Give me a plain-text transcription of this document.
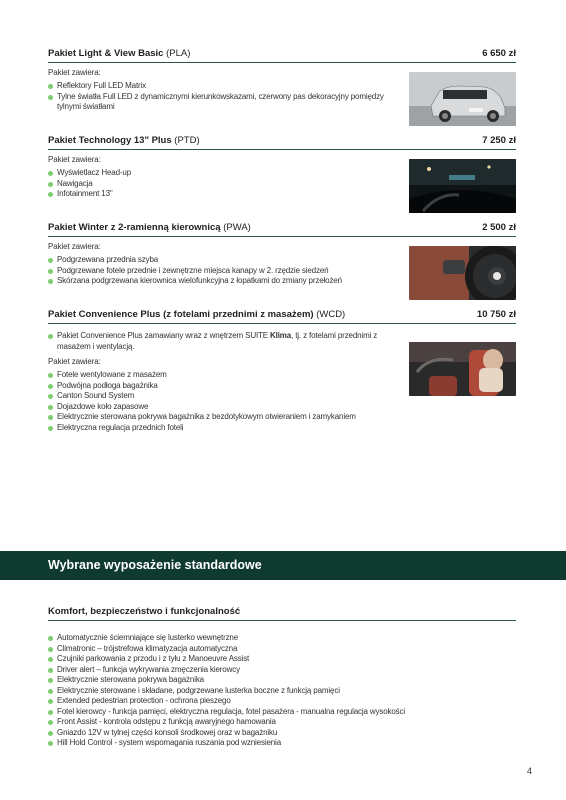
Pakiet Light & View Basic (PLA)	6 650 zł
Pakiet zawiera:
Reflektory Full LED Matrix
Tylne światła Full LED z dynamicznymi kierunkowskazami, czerwony pas dekoracyjny pomiędzy tylnymi światłami
Pakiet Technology 13" Plus (PTD)	7 250 zł
Pakiet zawiera:
Wyświetlacz Head-up
Nawigacja
Infotainment 13"
Pakiet Winter z 2-ramienną kierownicą (PWA)	2 500 zł
Pakiet zawiera:
Podgrzewana przednia szyba
Podgrzewane fotele przednie i zewnętrzne miejsca kanapy w 2. rzędzie siedzeń
Skórzana podgrzewana kierownica wielofunkcyjna z łopatkami do zmiany przełożeń
Pakiet Convenience Plus (z fotelami przednimi z masażem) (WCD)	10 750 zł
Pakiet Convenience Plus zamawiany wraz z wnętrzem SUITE Klima, tj. z fotelami przednimi z masażem i wentylacją.
Pakiet zawiera:
Fotele wentylowane z masażem
Podwójna podłoga bagażnika
Canton Sound System
Dojazdowe koło zapasowe
Elektrycznie sterowana pokrywa bagażnika z bezdotykowym otwieraniem i zamykaniem
Elektryczna regulacja przednich foteli
Wybrane wyposażenie standardowe
Komfort, bezpieczeństwo i funkcjonalność
Automatycznie ściemniające się lusterko wewnętrzne
Climatronic – trójstrefowa klimatyzacja automatyczna
Czujniki parkowania z przodu i z tyłu z Manoeuvre Assist
Driver alert – funkcja wykrywania zmęczenia kierowcy
Elektrycznie sterowana pokrywa bagażnika
Elektrycznie sterowane i składane, podgrzewane lusterka boczne z funkcją pamięci
Extended pedestrian protection - ochrona pieszego
Fotel kierowcy - funkcja pamięci, elektryczna regulacja, fotel pasażera - manualna regulacja wysokości
Front Assist - kontrola odstępu z funkcją awaryjnego hamowania
Gniazdo 12V w tylnej części konsoli środkowej oraz w bagażniku
Hill Hold Control - system wspomagania ruszania pod wzniesienia
4
